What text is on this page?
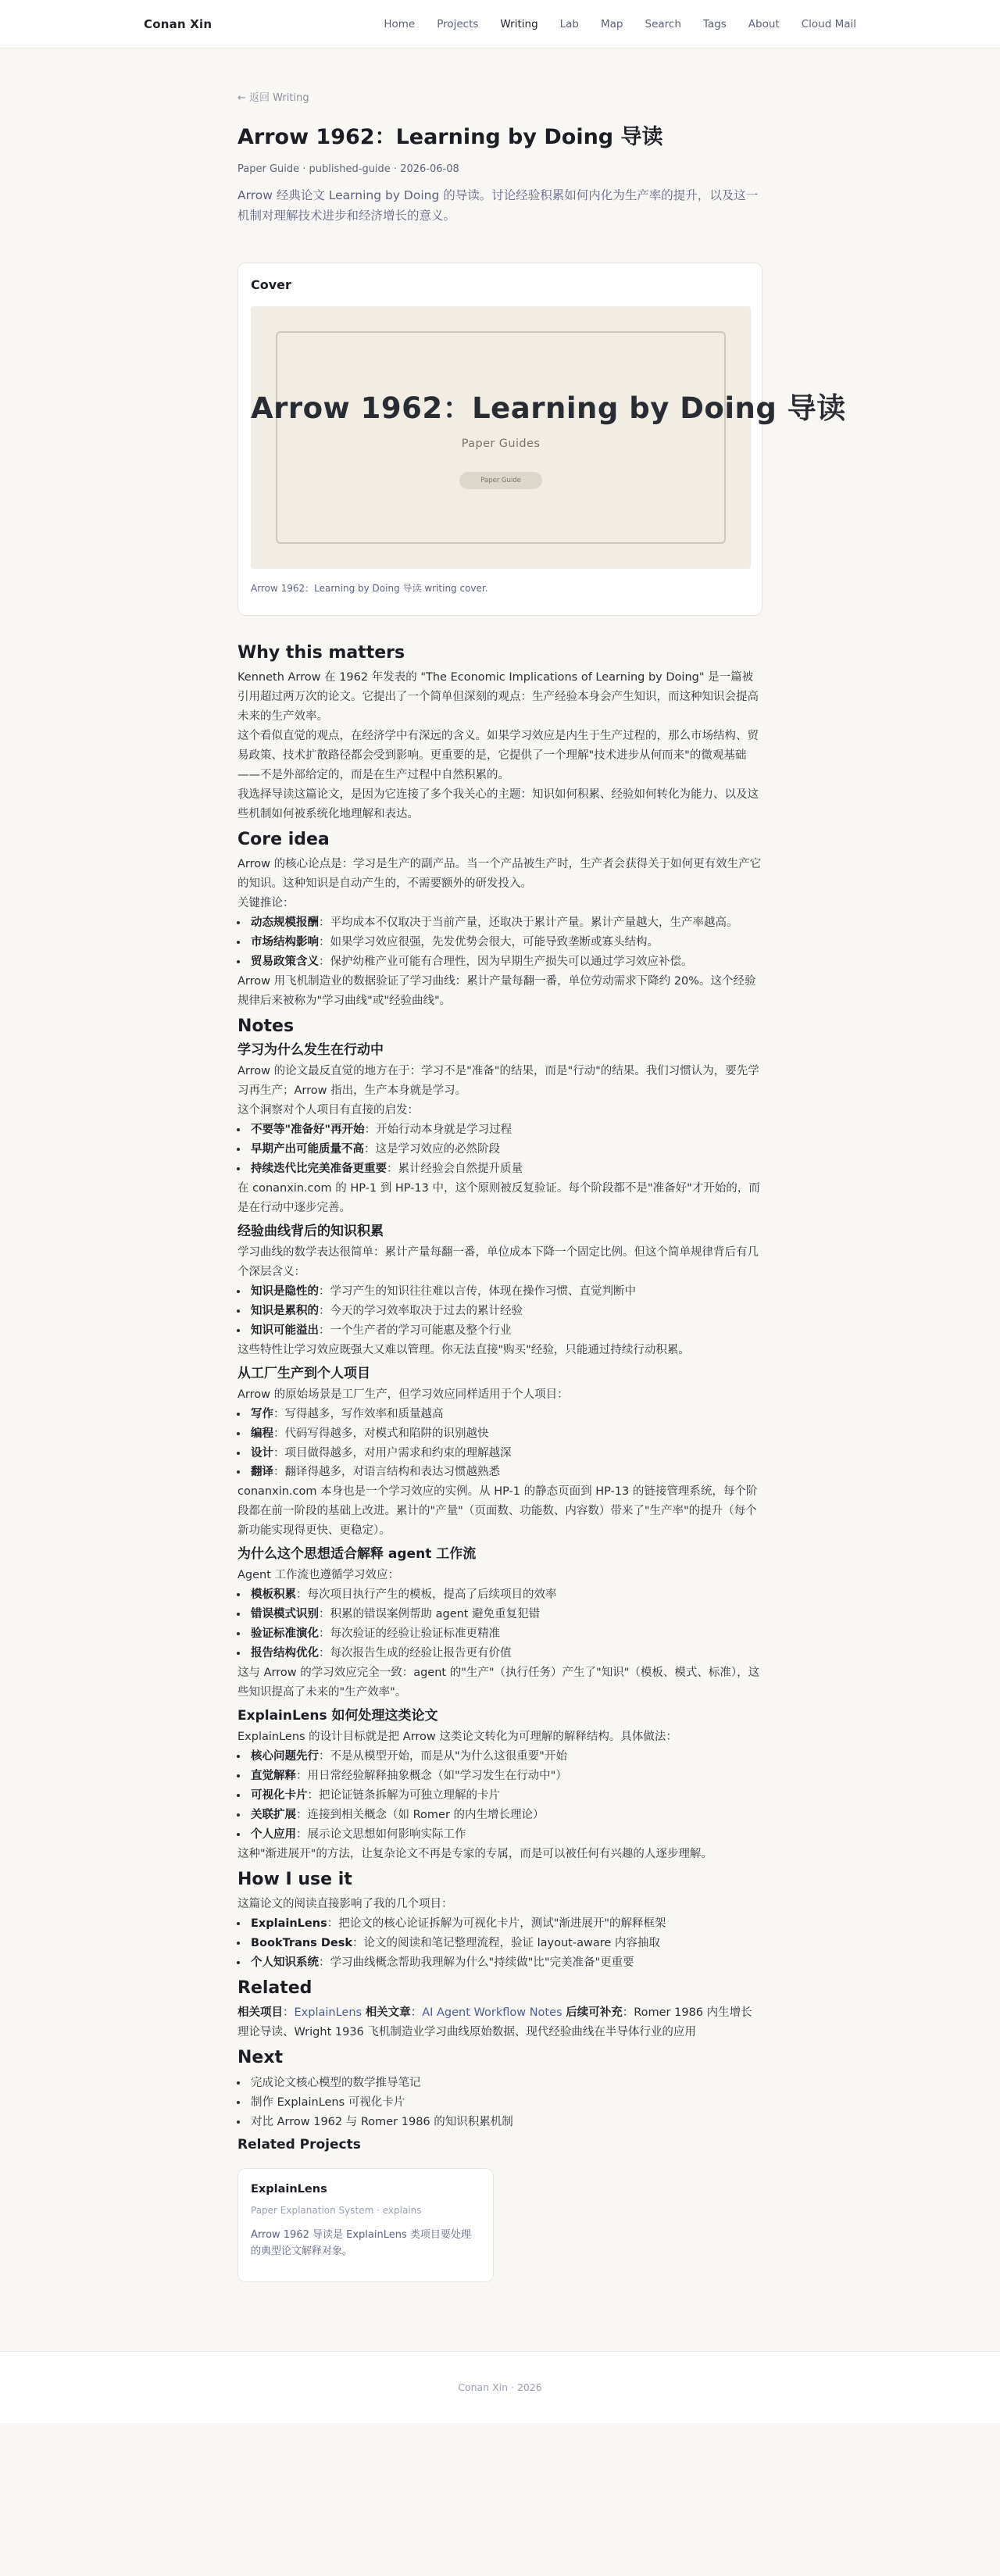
Conan Xin	Home Projects Writing Lab Map Search Tags About Cloud Mail
← 返回 Writing
Arrow 1962：Learning by Doing 导读
Paper Guide · published-guide · 2026-06-08

Arrow 经典论文 Learning by Doing 的导读。讨论经验积累如何内化为生产率的提升，以及这一机制对理解技术进步和经济增长的意义。

Cover
Arrow 1962：Learning by Doing 导读
Paper Guides
Paper Guide
Arrow 1962：Learning by Doing 导读 writing cover.
Why this matters

Kenneth Arrow 在 1962 年发表的 "The Economic Implications of Learning by Doing" 是一篇被引用超过两万次的论文。它提出了一个简单但深刻的观点：生产经验本身会产生知识，而这种知识会提高未来的生产效率。

这个看似直觉的观点，在经济学中有深远的含义。如果学习效应是内生于生产过程的，那么市场结构、贸易政策、技术扩散路径都会受到影响。更重要的是，它提供了一个理解"技术进步从何而来"的微观基础——不是外部给定的，而是在生产过程中自然积累的。

我选择导读这篇论文，是因为它连接了多个我关心的主题：知识如何积累、经验如何转化为能力、以及这些机制如何被系统化地理解和表达。

Core idea

Arrow 的核心论点是：学习是生产的副产品。当一个产品被生产时，生产者会获得关于如何更有效生产它的知识。这种知识是自动产生的，不需要额外的研发投入。

关键推论：

• 动态规模报酬：平均成本不仅取决于当前产量，还取决于累计产量。累计产量越大，生产率越高。
• 市场结构影响：如果学习效应很强，先发优势会很大，可能导致垄断或寡头结构。
• 贸易政策含义：保护幼稚产业可能有合理性，因为早期生产损失可以通过学习效应补偿。

Arrow 用飞机制造业的数据验证了学习曲线：累计产量每翻一番，单位劳动需求下降约 20%。这个经验规律后来被称为"学习曲线"或"经验曲线"。

Notes
学习为什么发生在行动中

Arrow 的论文最反直觉的地方在于：学习不是"准备"的结果，而是"行动"的结果。我们习惯认为，要先学习再生产；Arrow 指出，生产本身就是学习。

这个洞察对个人项目有直接的启发：

• 不要等"准备好"再开始：开始行动本身就是学习过程
• 早期产出可能质量不高：这是学习效应的必然阶段
• 持续迭代比完美准备更重要：累计经验会自然提升质量

在 conanxin.com 的 HP-1 到 HP-13 中，这个原则被反复验证。每个阶段都不是"准备好"才开始的，而是在行动中逐步完善。

经验曲线背后的知识积累

学习曲线的数学表达很简单：累计产量每翻一番，单位成本下降一个固定比例。但这个简单规律背后有几个深层含义：

• 知识是隐性的：学习产生的知识往往难以言传，体现在操作习惯、直觉判断中
• 知识是累积的：今天的学习效率取决于过去的累计经验
• 知识可能溢出：一个生产者的学习可能惠及整个行业

这些特性让学习效应既强大又难以管理。你无法直接"购买"经验，只能通过持续行动积累。

从工厂生产到个人项目

Arrow 的原始场景是工厂生产，但学习效应同样适用于个人项目：

• 写作：写得越多，写作效率和质量越高
• 编程：代码写得越多，对模式和陷阱的识别越快
• 设计：项目做得越多，对用户需求和约束的理解越深
• 翻译：翻译得越多，对语言结构和表达习惯越熟悉

conanxin.com 本身也是一个学习效应的实例。从 HP-1 的静态页面到 HP-13 的链接管理系统，每个阶段都在前一阶段的基础上改进。累计的"产量"（页面数、功能数、内容数）带来了"生产率"的提升（每个新功能实现得更快、更稳定）。

为什么这个思想适合解释 agent 工作流

Agent 工作流也遵循学习效应：

• 模板积累：每次项目执行产生的模板，提高了后续项目的效率
• 错误模式识别：积累的错误案例帮助 agent 避免重复犯错
• 验证标准演化：每次验证的经验让验证标准更精准
• 报告结构优化：每次报告生成的经验让报告更有价值

这与 Arrow 的学习效应完全一致：agent 的"生产"（执行任务）产生了"知识"（模板、模式、标准），这些知识提高了未来的"生产效率"。

ExplainLens 如何处理这类论文

ExplainLens 的设计目标就是把 Arrow 这类论文转化为可理解的解释结构。具体做法：

• 核心问题先行：不是从模型开始，而是从"为什么这很重要"开始
• 直觉解释：用日常经验解释抽象概念（如"学习发生在行动中"）
• 可视化卡片：把论证链条拆解为可独立理解的卡片
• 关联扩展：连接到相关概念（如 Romer 的内生增长理论）
• 个人应用：展示论文思想如何影响实际工作

这种"渐进展开"的方法，让复杂论文不再是专家的专属，而是可以被任何有兴趣的人逐步理解。

How I use it

这篇论文的阅读直接影响了我的几个项目：

• ExplainLens：把论文的核心论证拆解为可视化卡片，测试"渐进展开"的解释框架
• BookTrans Desk：论文的阅读和笔记整理流程，验证 layout-aware 内容抽取
• 个人知识系统：学习曲线概念帮助我理解为什么"持续做"比"完美准备"更重要
Related

相关项目：ExplainLens 相关文章：AI Agent Workflow Notes 后续可补充：Romer 1986 内生增长理论导读、Wright 1936 飞机制造业学习曲线原始数据、现代经验曲线在半导体行业的应用

Next
• 完成论文核心模型的数学推导笔记
• 制作 ExplainLens 可视化卡片
• 对比 Arrow 1962 与 Romer 1986 的知识积累机制
Related Projects
ExplainLens
Paper Explanation System · explains
Arrow 1962 导读是 ExplainLens 类项目要处理的典型论文解释对象。
Conan Xin · 2026
